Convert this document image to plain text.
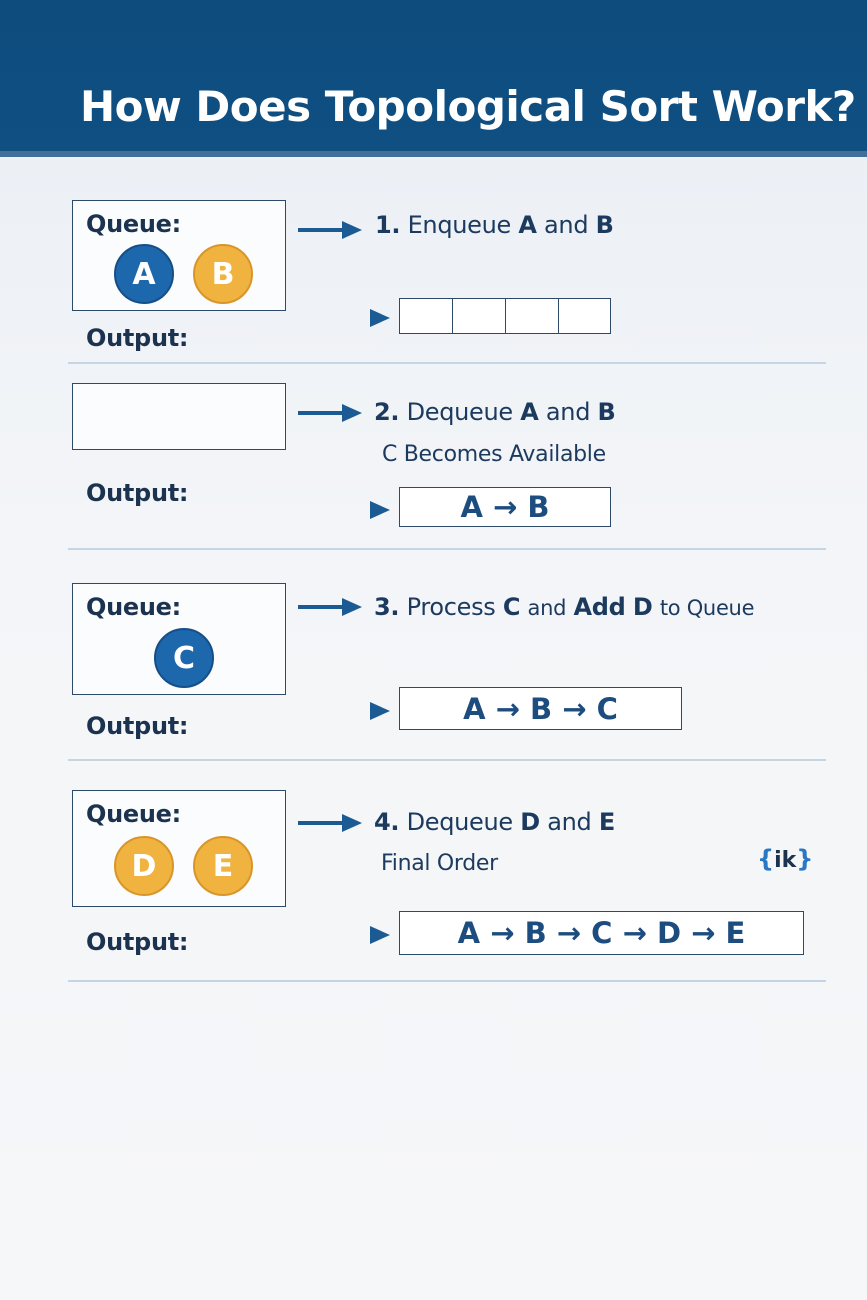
How Does Topological Sort Work?
Queue:
A	B
Output:
1. Enqueue A and B
Output:
2. Dequeue A and B
C Becomes Available
A → B
Queue:
C
Output:
3. Process C and Add D to Queue
A → B → C
Queue:
D	E
Output:
4. Dequeue D and E
Final Order	{ik}
A → B → C → D → E
